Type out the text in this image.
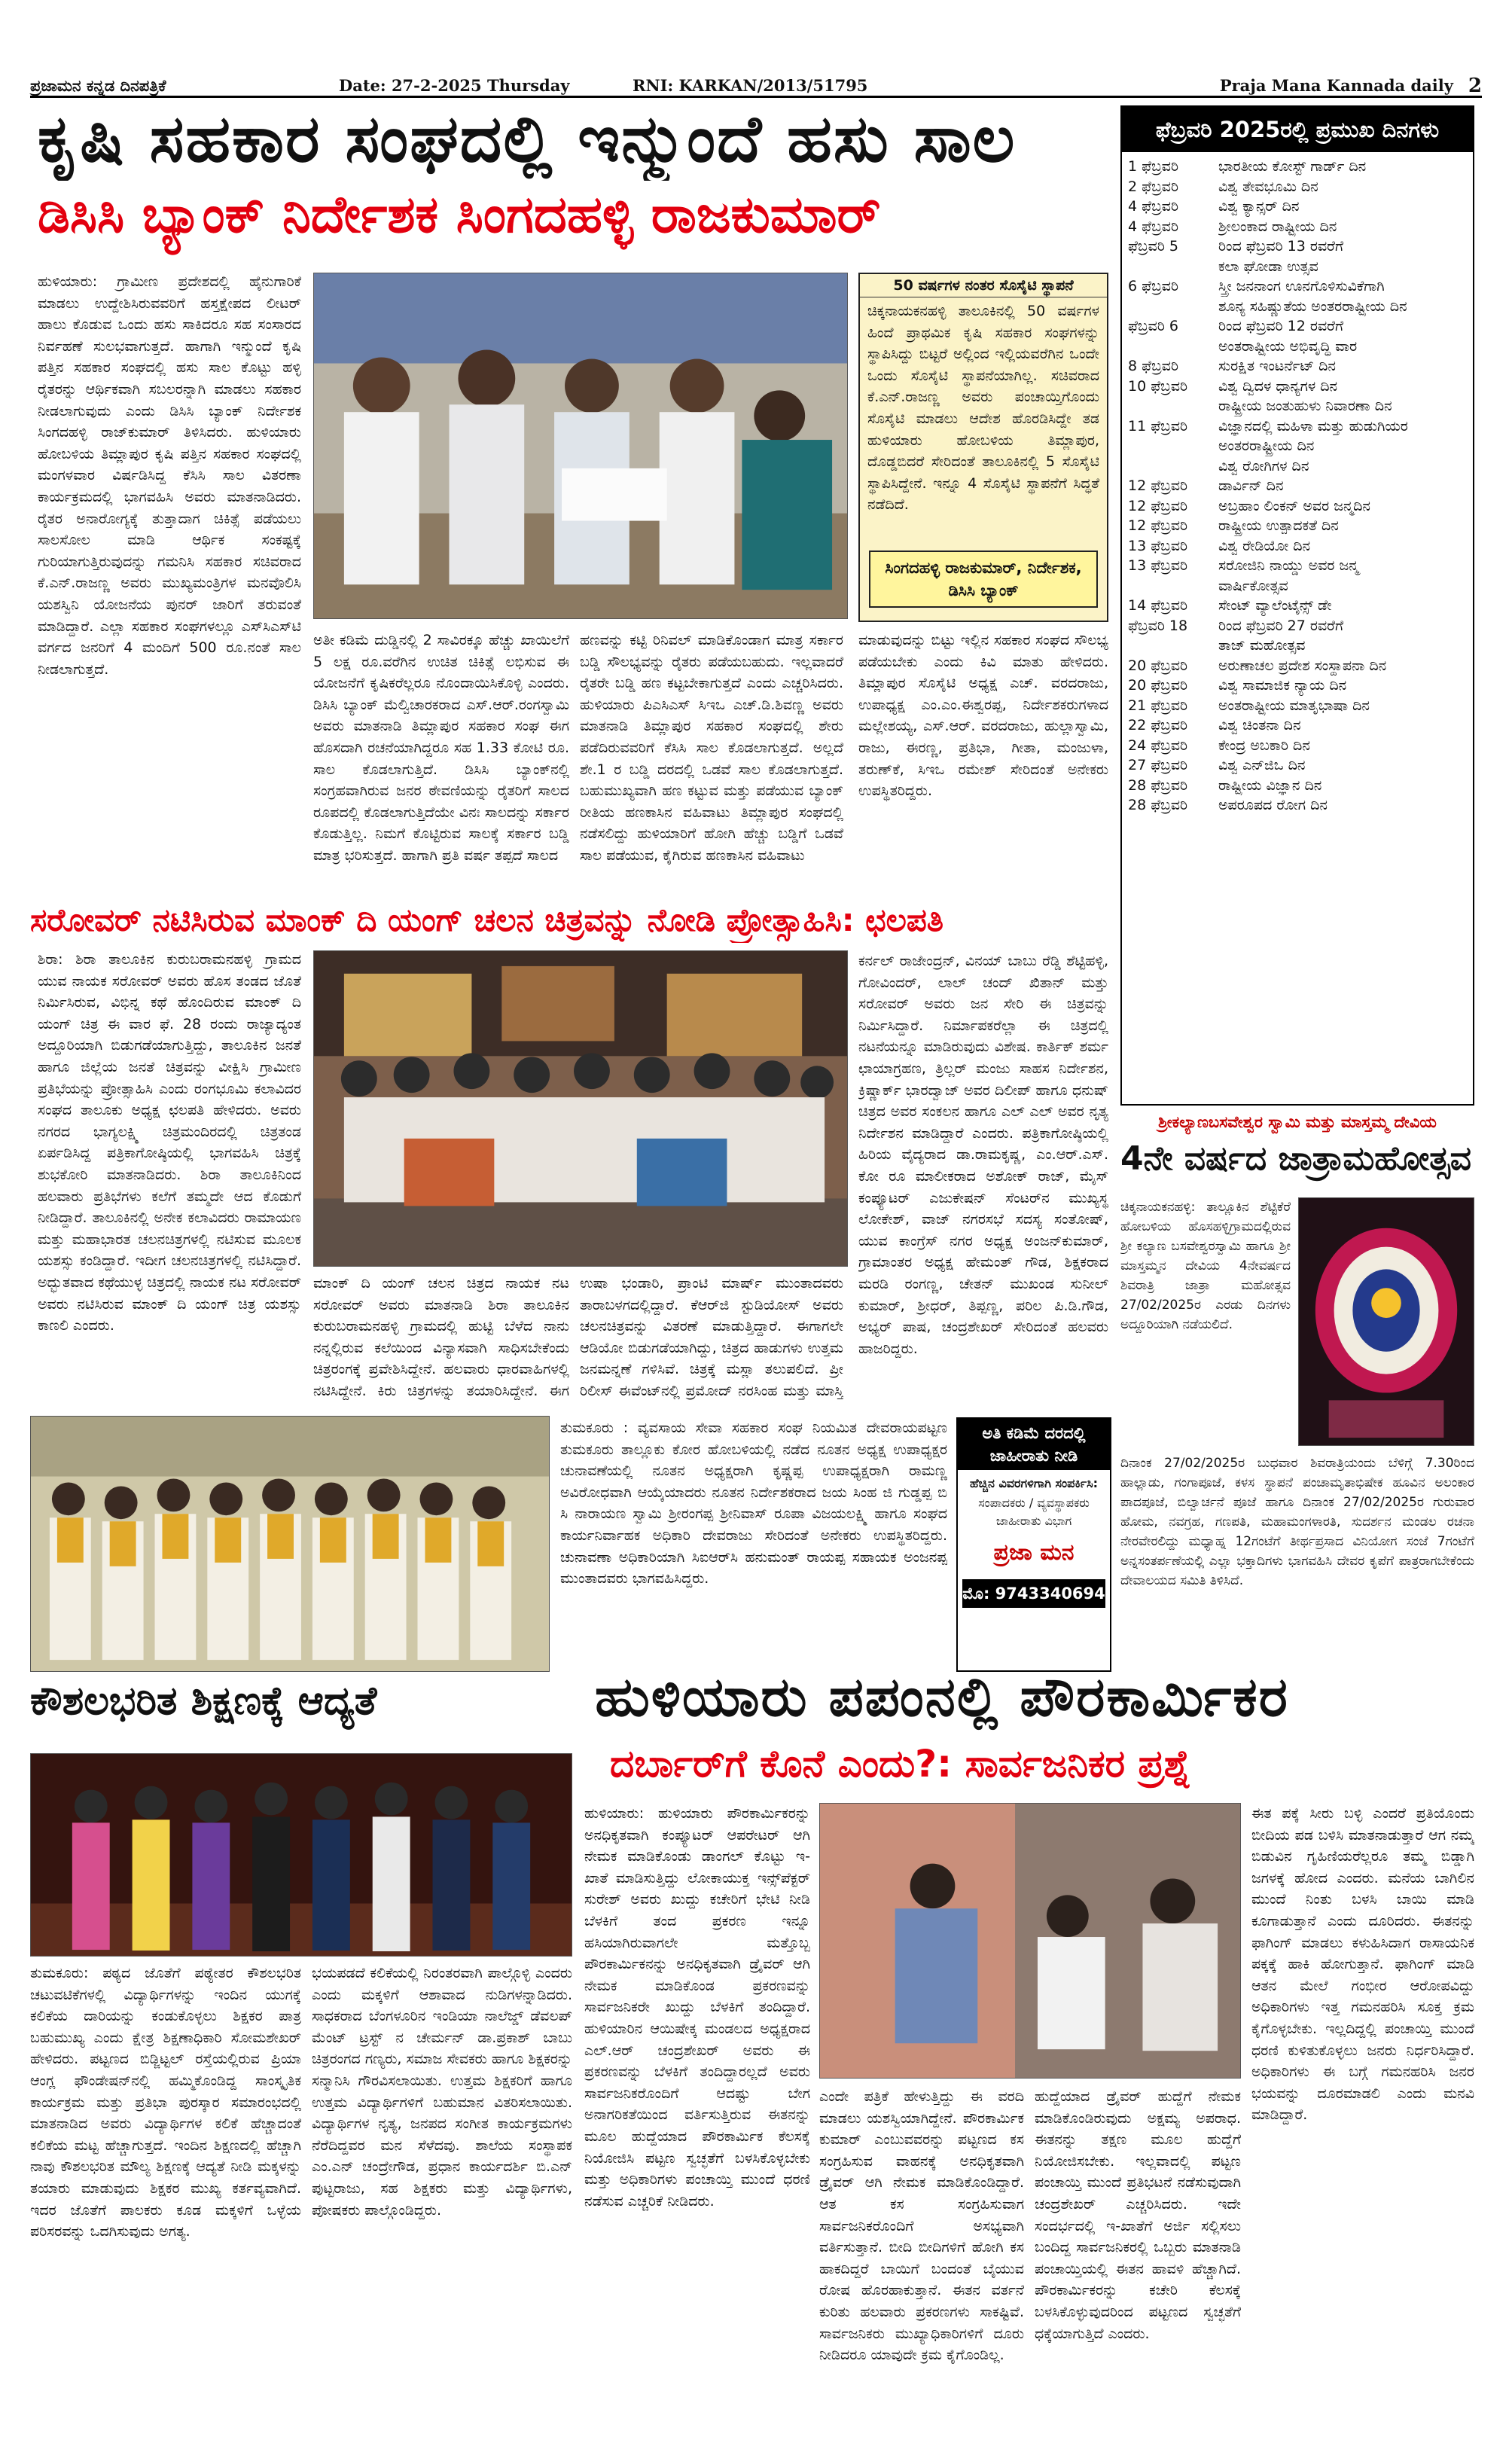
ಪ್ರಜಾಮನ ಕನ್ನಡ ದಿನಪತ್ರಿಕೆ	Date: 27-2-2025 Thursday	RNI: KARKAN/2013/51795	Praja Mana Kannada daily 2
ಕೃಷಿ ಸಹಕಾರ ಸಂಘದಲ್ಲಿ ಇನ್ಮುಂದೆ ಹಸು ಸಾಲ
ಡಿಸಿಸಿ ಬ್ಯಾಂಕ್ ನಿರ್ದೇಶಕ ಸಿಂಗದಹಳ್ಳಿ ರಾಜಕುಮಾರ್

ಹುಳಿಯಾರು: ಗ್ರಾಮೀಣ ಪ್ರದೇಶದಲ್ಲಿ ಹೈನುಗಾರಿಕೆ ಮಾಡಲು ಉದ್ದೇಶಿಸಿರುವವರಿಗೆ ಹಸ್ತಕ್ಷೇಪದ ಲೀಟರ್ ಹಾಲು ಕೊಡುವ ಒಂದು ಹಸು ಸಾಕಿದರೂ ಸಹ ಸಂಸಾರದ ನಿರ್ವಹಣೆ ಸುಲಭವಾಗುತ್ತದೆ. ಹಾಗಾಗಿ ಇನ್ಮುಂದೆ ಕೃಷಿ ಪತ್ತಿನ ಸಹಕಾರ ಸಂಘದಲ್ಲಿ ಹಸು ಸಾಲ ಕೊಟ್ಟು ಹಳ್ಳಿ ರೈತರನ್ನು ಆರ್ಥಿಕವಾಗಿ ಸಬಲರನ್ನಾಗಿ ಮಾಡಲು ಸಹಕಾರ ನೀಡಲಾಗುವುದು ಎಂದು ಡಿಸಿಸಿ ಬ್ಯಾಂಕ್ ನಿರ್ದೇಶಕ ಸಿಂಗದಹಳ್ಳಿ ರಾಜ್‌ಕುಮಾರ್ ತಿಳಿಸಿದರು. ಹುಳಿಯಾರು ಹೋಬಳಿಯ ತಿಮ್ಲಾಪುರ ಕೃಷಿ ಪತ್ತಿನ ಸಹಕಾರ ಸಂಘದಲ್ಲಿ ಮಂಗಳವಾರ ವಿರ್ಷಡಿಸಿದ್ದ ಕೆಸಿಸಿ ಸಾಲ ವಿತರಣಾ ಕಾರ್ಯಕ್ರಮದಲ್ಲಿ ಭಾಗವಹಿಸಿ ಅವರು ಮಾತನಾಡಿದರು. ರೈತರ ಅನಾರೋಗ್ಯಕ್ಕೆ ತುತ್ತಾದಾಗ ಚಿಕಿತ್ಸೆ ಪಡೆಯಲು ಸಾಲಸೋಲ ಮಾಡಿ ಆರ್ಥಿಕ ಸಂಕಷ್ಟಕ್ಕೆ ಗುರಿಯಾಗುತ್ತಿರುವುದನ್ನು ಗಮನಿಸಿ ಸಹಕಾರ ಸಚಿವರಾದ ಕೆ.ಎನ್.ರಾಜಣ್ಣ ಅವರು ಮುಖ್ಯಮಂತ್ರಿಗಳ ಮನವೊಲಿಸಿ ಯಶಸ್ವಿನಿ ಯೋಜನೆಯ ಪುನರ್ ಜಾರಿಗೆ ತರುವಂತೆ ಮಾಡಿದ್ದಾರೆ. ಎಲ್ಲಾ ಸಹಕಾರ ಸಂಘಗಳಲ್ಲೂ ಎಸ್‌ಸಿಎಸ್‌ಟಿ ವರ್ಗದ ಜನರಿಗೆ 4 ಮಂದಿಗೆ 500 ರೂ.ನಂತೆ ಸಾಲ ನೀಡಲಾಗುತ್ತದೆ.

50 ವರ್ಷಗಳ ನಂತರ ಸೊಸೈಟಿ ಸ್ಥಾಪನೆ
ಚಿಕ್ಕನಾಯಕನಹಳ್ಳಿ ತಾಲೂಕಿನಲ್ಲಿ 50 ವರ್ಷಗಳ ಹಿಂದೆ ಪ್ರಾಥಮಿಕ ಕೃಷಿ ಸಹಕಾರ ಸಂಘಗಳನ್ನು ಸ್ಥಾಪಿಸಿದ್ದು ಬಿಟ್ಟರೆ ಅಲ್ಲಿಂದ ಇಲ್ಲಿಯವರೆಗಿನ ಒಂದೇ ಒಂದು ಸೊಸೈಟಿ ಸ್ಥಾಪನೆಯಾಗಿಲ್ಲ. ಸಚಿವರಾದ ಕೆ.ಎನ್.ರಾಜಣ್ಣ ಅವರು ಪಂಚಾಯ್ತಿಗೊಂದು ಸೊಸೈಟಿ ಮಾಡಲು ಆದೇಶ ಹೊರಡಿಸಿದ್ದೇ ತಡ ಹುಳಿಯಾರು ಹೋಬಳಿಯ ತಿಮ್ಲಾಪುರ, ದೊಡ್ಡಬಿದರೆ ಸೇರಿದಂತೆ ತಾಲೂಕಿನಲ್ಲಿ 5 ಸೊಸೈಟಿ ಸ್ಥಾಪಿಸಿದ್ದೇನೆ. ಇನ್ನೂ 4 ಸೊಸೈಟಿ ಸ್ಥಾಪನೆಗೆ ಸಿದ್ಧತೆ ನಡೆದಿದೆ.
ಸಿಂಗದಹಳ್ಳಿ ರಾಜಕುಮಾರ್, ನಿರ್ದೇಶಕ, ಡಿಸಿಸಿ ಬ್ಯಾಂಕ್

ಅತೀ ಕಡಿಮೆ ದುಡ್ಡಿನಲ್ಲಿ 2 ಸಾವಿರಕ್ಕೂ ಹೆಚ್ಚು ಖಾಯಿಲೆಗೆ 5 ಲಕ್ಷ ರೂ.ವರೆಗಿನ ಉಚಿತ ಚಿಕಿತ್ಸೆ ಲಭಿಸುವ ಈ ಯೋಜನೆಗೆ ಕೃಷಿಕರೆಲ್ಲರೂ ನೊಂದಾಯಿಸಿಕೊಳ್ಳಿ ಎಂದರು. ಡಿಸಿಸಿ ಬ್ಯಾಂಕ್ ಮೆಲ್ವಿಚಾರಕರಾದ ಎಸ್.ಆರ್.ರಂಗಸ್ವಾಮಿ ಅವರು ಮಾತನಾಡಿ ತಿಮ್ಲಾಪುರ ಸಹಕಾರ ಸಂಘ ಈಗ ಹೊಸದಾಗಿ ರಚನೆಯಾಗಿದ್ದರೂ ಸಹ 1.33 ಕೋಟಿ ರೂ. ಸಾಲ ಕೊಡಲಾಗುತ್ತಿದೆ. ಡಿಸಿಸಿ ಬ್ಯಾಂಕ್‌ನಲ್ಲಿ ಸಂಗ್ರಹವಾಗಿರುವ ಜನರ ಠೇವಣಿಯನ್ನು ರೈತರಿಗೆ ಸಾಲದ ರೂಪದಲ್ಲಿ ಕೊಡಲಾಗುತ್ತಿದೆಯೇ ವಿನಃ ಸಾಲದನ್ನು ಸರ್ಕಾರ ಕೊಡುತ್ತಿಲ್ಲ. ನಿಮಗೆ ಕೊಟ್ಟಿರುವ ಸಾಲಕ್ಕೆ ಸರ್ಕಾರ ಬಡ್ಡಿ ಮಾತ್ರ ಭರಿಸುತ್ತದೆ. ಹಾಗಾಗಿ ಪ್ರತಿ ವರ್ಷ ತಪ್ಪದೆ ಸಾಲದ

ಹಣವನ್ನು ಕಟ್ಟಿ ರಿನಿವಲ್ ಮಾಡಿಕೊಂಡಾಗ ಮಾತ್ರ ಸರ್ಕಾರ ಬಡ್ಡಿ ಸೌಲಭ್ಯವನ್ನು ರೈತರು ಪಡೆಯಬಹುದು. ಇಲ್ಲವಾದರೆ ರೈತರೇ ಬಡ್ಡಿ ಹಣ ಕಟ್ಟಬೇಕಾಗುತ್ತದೆ ಎಂದು ಎಚ್ಚರಿಸಿದರು. ಹುಳಿಯಾರು ಪಿಎಸಿಎಸ್ ಸಿಇಒ ಎಚ್.ಡಿ.ಶಿವಣ್ಣ ಅವರು ಮಾತನಾಡಿ ತಿಮ್ಲಾಪುರ ಸಹಕಾರ ಸಂಘದಲ್ಲಿ ಶೇರು ಪಡೆದಿರುವವರಿಗೆ ಕೆಸಿಸಿ ಸಾಲ ಕೊಡಲಾಗುತ್ತದೆ. ಅಲ್ಲದೆ ಶೇ.1 ರ ಬಡ್ಡಿ ದರದಲ್ಲಿ ಒಡವೆ ಸಾಲ ಕೊಡಲಾಗುತ್ತದೆ. ಬಹುಮುಖ್ಯವಾಗಿ ಹಣ ಕಟ್ಟುವ ಮತ್ತು ಪಡೆಯುವ ಬ್ಯಾಂಕ್ ರೀತಿಯ ಹಣಕಾಸಿನ ವಹಿವಾಟು ತಿಮ್ಲಾಪುರ ಸಂಘದಲ್ಲಿ ನಡೆಸಲಿದ್ದು ಹುಳಿಯಾರಿಗೆ ಹೋಗಿ ಹೆಚ್ಚು ಬಡ್ಡಿಗೆ ಒಡವೆ ಸಾಲ ಪಡೆಯುವ, ಕೈಗಿರುವ ಹಣಕಾಸಿನ ವಹಿವಾಟು

ಮಾಡುವುದನ್ನು ಬಿಟ್ಟು ಇಲ್ಲಿನ ಸಹಕಾರ ಸಂಘದ ಸೌಲಭ್ಯ ಪಡೆಯಬೇಕು ಎಂದು ಕಿವಿ ಮಾತು ಹೇಳಿದರು. ತಿಮ್ಲಾಪುರ ಸೊಸೈಟಿ ಅಧ್ಯಕ್ಷ ಎಚ್. ವರದರಾಜು, ಉಪಾಧ್ಯಕ್ಷ ಎಂ.ಎಂ.ಈಶ್ವರಪ್ಪ, ನಿರ್ದೇಶಕರುಗಳಾದ ಮಲ್ಲೇಶಯ್ಯ, ಎಸ್.ಆರ್. ವರದರಾಜು, ಹುಲ್ಲಾಸ್ವಾಮಿ, ರಾಜು, ಈರಣ್ಣ, ಪ್ರತಿಭಾ, ಗೀತಾ, ಮಂಜುಳಾ, ತರುಣ್‌ಕೆ, ಸಿಇಒ ರಮೇಶ್ ಸೇರಿದಂತೆ ಅನೇಕರು ಉಪಸ್ಥಿತರಿದ್ದರು.

ಫೆಬ್ರವರಿ 2025ರಲ್ಲಿ ಪ್ರಮುಖ ದಿನಗಳು
1 ಫೆಬ್ರವರಿ	ಭಾರತೀಯ ಕೋಸ್ಟ್ ಗಾರ್ಡ್ ದಿನ
2 ಫೆಬ್ರವರಿ	ವಿಶ್ವ ತೇವಭೂಮಿ ದಿನ
4 ಫೆಬ್ರವರಿ	ವಿಶ್ವ ಕ್ಯಾನ್ಸರ್ ದಿನ
4 ಫೆಬ್ರವರಿ	ಶ್ರೀಲಂಕಾದ ರಾಷ್ಟ್ರೀಯ ದಿನ
ಫೆಬ್ರವರಿ 5	ರಿಂದ ಫೆಬ್ರವರಿ 13 ರವರೆಗೆ
ಕಲಾ ಘೋಡಾ ಉತ್ಸವ
6 ಫೆಬ್ರವರಿ	ಸ್ತ್ರೀ ಜನನಾಂಗ ಊನಗೊಳಿಸುವಿಕೆಗಾಗಿ
ಶೂನ್ಯ ಸಹಿಷ್ಣುತೆಯ ಅಂತರರಾಷ್ಟ್ರೀಯ ದಿನ
ಫೆಬ್ರವರಿ 6	ರಿಂದ ಫೆಬ್ರವರಿ 12 ರವರೆಗೆ
ಅಂತರಾಷ್ಟ್ರೀಯ ಅಭಿವೃದ್ಧಿ ವಾರ
8 ಫೆಬ್ರವರಿ	ಸುರಕ್ಷಿತ ಇಂಟರ್ನೆಟ್ ದಿನ
10 ಫೆಬ್ರವರಿ	ವಿಶ್ವ ದ್ವಿದಳ ಧಾನ್ಯಗಳ ದಿನ
ರಾಷ್ಟ್ರೀಯ ಜಂತುಹುಳು ನಿವಾರಣಾ ದಿನ
11 ಫೆಬ್ರವರಿ	ವಿಜ್ಞಾನದಲ್ಲಿ ಮಹಿಳಾ ಮತ್ತು ಹುಡುಗಿಯರ
ಅಂತರರಾಷ್ಟ್ರೀಯ ದಿನ
ವಿಶ್ವ ರೋಗಿಗಳ ದಿನ
12 ಫೆಬ್ರವರಿ	ಡಾರ್ವಿನ್ ದಿನ
12 ಫೆಬ್ರವರಿ	ಅಬ್ರಹಾಂ ಲಿಂಕನ್ ಅವರ ಜನ್ಮದಿನ
12 ಫೆಬ್ರವರಿ	ರಾಷ್ಟ್ರೀಯ ಉತ್ಪಾದಕತೆ ದಿನ
13 ಫೆಬ್ರವರಿ	ವಿಶ್ವ ರೇಡಿಯೋ ದಿನ
13 ಫೆಬ್ರವರಿ	ಸರೋಜಿನಿ ನಾಯ್ಡು ಅವರ ಜನ್ಮ
ವಾರ್ಷಿಕೋತ್ಸವ
14 ಫೆಬ್ರವರಿ	ಸೇಂಟ್ ವ್ಯಾಲೆಂಟೈನ್ಸ್ ಡೇ
ಫೆಬ್ರವರಿ 18	ರಿಂದ ಫೆಬ್ರವರಿ 27 ರವರೆಗೆ
ತಾಜ್ ಮಹೋತ್ಸವ
20 ಫೆಬ್ರವರಿ	ಅರುಣಾಚಲ ಪ್ರದೇಶ ಸಂಸ್ಥಾಪನಾ ದಿನ
20 ಫೆಬ್ರವರಿ	ವಿಶ್ವ ಸಾಮಾಜಿಕ ನ್ಯಾಯ ದಿನ
21 ಫೆಬ್ರವರಿ	ಅಂತರಾಷ್ಟ್ರೀಯ ಮಾತೃಭಾಷಾ ದಿನ
22 ಫೆಬ್ರವರಿ	ವಿಶ್ವ ಚಿಂತನಾ ದಿನ
24 ಫೆಬ್ರವರಿ	ಕೇಂದ್ರ ಅಬಕಾರಿ ದಿನ
27 ಫೆಬ್ರವರಿ	ವಿಶ್ವ ಎನ್‌ಜಿಒ ದಿನ
28 ಫೆಬ್ರವರಿ	ರಾಷ್ಟ್ರೀಯ ವಿಜ್ಞಾನ ದಿನ
28 ಫೆಬ್ರವರಿ	ಅಪರೂಪದ ರೋಗ ದಿನ
ಸರೋವರ್ ನಟಿಸಿರುವ ಮಾಂಕ್ ದಿ ಯಂಗ್ ಚಲನ ಚಿತ್ರವನ್ನು ನೋಡಿ ಪ್ರೋತ್ಸಾಹಿಸಿ: ಛಲಪತಿ

ಶಿರಾ: ಶಿರಾ ತಾಲೂಕಿನ ಕುರುಬರಾಮನಹಳ್ಳಿ ಗ್ರಾಮದ ಯುವ ನಾಯಕ ಸರೋವರ್ ಅವರು ಹೊಸ ತಂಡದ ಜೊತೆ ನಿರ್ಮಿಸಿರುವ, ವಿಭಿನ್ನ ಕಥೆ ಹೊಂದಿರುವ ಮಾಂಕ್ ದಿ ಯಂಗ್ ಚಿತ್ರ ಈ ವಾರ ಫೆ. 28 ರಂದು ರಾಜ್ಯಾದ್ಯಂತ ಅದ್ದೂರಿಯಾಗಿ ಬಿಡುಗಡೆಯಾಗುತ್ತಿದ್ದು, ತಾಲೂಕಿನ ಜನತೆ ಹಾಗೂ ಜಿಲ್ಲೆಯ ಜನತೆ ಚಿತ್ರವನ್ನು ವೀಕ್ಷಿಸಿ ಗ್ರಾಮೀಣ ಪ್ರತಿಭೆಯನ್ನು ಪ್ರೋತ್ಸಾಹಿಸಿ ಎಂದು ರಂಗಭೂಮಿ ಕಲಾವಿದರ ಸಂಘದ ತಾಲೂಕು ಅಧ್ಯಕ್ಷ ಛಲಪತಿ ಹೇಳಿದರು. ಅವರು ನಗರದ ಭಾಗ್ಯಲಕ್ಷ್ಮಿ ಚಿತ್ರಮಂದಿರದಲ್ಲಿ ಚಿತ್ರತಂಡ ಏರ್ಪಡಿಸಿದ್ದ ಪತ್ರಿಕಾಗೋಷ್ಠಿಯಲ್ಲಿ ಭಾಗವಹಿಸಿ ಚಿತ್ರಕ್ಕೆ ಶುಭಕೋರಿ ಮಾತನಾಡಿದರು. ಶಿರಾ ತಾಲೂಕಿನಿಂದ ಹಲವಾರು ಪ್ರತಿಭೆಗಳು ಕಲೆಗೆ ತಮ್ಮದೇ ಆದ ಕೊಡುಗೆ ನೀಡಿದ್ದಾರೆ. ತಾಲೂಕಿನಲ್ಲಿ ಅನೇಕ ಕಲಾವಿದರು ರಾಮಾಯಣ ಮತ್ತು ಮಹಾಭಾರತ ಚಲನಚಿತ್ರಗಳಲ್ಲಿ ನಟಿಸುವ ಮೂಲಕ ಯಶಸ್ಸು ಕಂಡಿದ್ದಾರೆ. ಇದೀಗ ಚಲನಚಿತ್ರಗಳಲ್ಲಿ ನಟಿಸಿದ್ದಾರೆ. ಅದ್ಭುತವಾದ ಕಥೆಯುಳ್ಳ ಚಿತ್ರದಲ್ಲಿ ನಾಯಕ ನಟ ಸರೋವರ್ ಅವರು ನಟಿಸಿರುವ ಮಾಂಕ್ ದಿ ಯಂಗ್ ಚಿತ್ರ ಯಶಸ್ಸು ಕಾಣಲಿ ಎಂದರು.

ಮಾಂಕ್ ದಿ ಯಂಗ್ ಚಲನ ಚಿತ್ರದ ನಾಯಕ ನಟ ಸರೋವರ್ ಅವರು ಮಾತನಾಡಿ ಶಿರಾ ತಾಲೂಕಿನ ಕುರುಬರಾಮನಹಳ್ಳಿ ಗ್ರಾಮದಲ್ಲಿ ಹುಟ್ಟಿ ಬೆಳೆದ ನಾನು ನನ್ನಲ್ಲಿರುವ ಕಲೆಯಿಂದ ವಿನ್ಯಾಸವಾಗಿ ಸಾಧಿಸಬೇಕೆಂದು ಚಿತ್ರರಂಗಕ್ಕೆ ಪ್ರವೇಶಿಸಿದ್ದೇನೆ. ಹಲವಾರು ಧಾರವಾಹಿಗಳಲ್ಲಿ ನಟಿಸಿದ್ದೇನೆ. ಕಿರು ಚಿತ್ರಗಳನ್ನು ತಯಾರಿಸಿದ್ದೇನೆ. ಈಗ

ಉಷಾ ಭಂಡಾರಿ, ಪ್ರಾಂಟಿ ಮಾರ್ಷ್ ಮುಂತಾದವರು ತಾರಾಬಳಗದಲ್ಲಿದ್ದಾರೆ. ಕೆಆರ್‌ಜಿ ಸ್ಟುಡಿಯೋಸ್ ಅವರು ಚಲನಚಿತ್ರವನ್ನು ವಿತರಣೆ ಮಾಡುತ್ತಿದ್ದಾರೆ. ಈಗಾಗಲೇ ಆಡಿಯೋ ಬಿಡುಗಡೆಯಾಗಿದ್ದು, ಚಿತ್ರದ ಹಾಡುಗಳು ಉತ್ತಮ ಜನಮನ್ನಣೆ ಗಳಿಸಿವೆ. ಚಿತ್ರಕ್ಕೆ ಮಸ್ಲಾ ತಲುಪಲಿದೆ. ಪ್ರೀ ರಿಲೀಸ್ ಈವೆಂಟ್‌ನಲ್ಲಿ ಪ್ರಮೋದ್ ನರಸಿಂಹ ಮತ್ತು ಮಾಸ್ತಿ

ಕರ್ನಲ್ ರಾಜೇಂದ್ರನ್, ವಿನಯ್ ಬಾಬು ರೆಡ್ಡಿ ಶೆಟ್ಟಿಹಳ್ಳಿ, ಗೋವಿಂದರ್, ಲಾಲ್ ಚಂದ್ ಖಿತಾನ್ ಮತ್ತು ಸರೋವರ್ ಅವರು ಜನ ಸೇರಿ ಈ ಚಿತ್ರವನ್ನು ನಿರ್ಮಿಸಿದ್ದಾರೆ. ನಿರ್ಮಾಪಕರೆಲ್ಲಾ ಈ ಚಿತ್ರದಲ್ಲಿ ನಟನೆಯನ್ನೂ ಮಾಡಿರುವುದು ವಿಶೇಷ. ಕಾರ್ತಿಕ್ ಶರ್ಮ ಛಾಯಾಗ್ರಹಣ, ತ್ರಿಲ್ಲರ್ ಮಂಜು ಸಾಹಸ ನಿರ್ದೇಶನ, ಕ್ರಿಷ್ಣಾರ್ಕ್ ಭಾರದ್ವಾಜ್ ಅವರ ದಿಲೀಪ್ ಹಾಗೂ ಧನುಷ್ ಚಿತ್ರದ ಅವರ ಸಂಕಲನ ಹಾಗೂ ಎಲ್ ಎಲ್ ಅವರ ನೃತ್ಯ ನಿರ್ದೇಶನ ಮಾಡಿದ್ದಾರೆ ಎಂದರು. ಪತ್ರಿಕಾಗೋಷ್ಠಿಯಲ್ಲಿ ಹಿರಿಯ ವೈದ್ಯರಾದ ಡಾ.ರಾಮಕೃಷ್ಣ, ಎಂ.ಆರ್.ಎಸ್. ಕೋ ರೂ ಮಾಲೀಕರಾದ ಅಶೋಕ್ ರಾಜ್, ಮೈಸ್ ಕಂಪ್ಯೂಟರ್ ಎಜುಕೇಷನ್ ಸೆಂಟರ್‌ನ ಮುಖ್ಯಸ್ಥ ಲೋಕೇಶ್, ವಾಜ್ ನಗರಸಭೆ ಸದಸ್ಯ ಸಂತೋಷ್, ಯುವ ಕಾಂಗ್ರೆಸ್ ನಗರ ಅಧ್ಯಕ್ಷ ಅಂಜನ್‌ಕುಮಾರ್, ಗ್ರಾಮಾಂತರ ಅಧ್ಯಕ್ಷ ಹೇಮಂತ್ ಗೌಡ, ಶಿಕ್ಷಕರಾದ ಮರಡಿ ರಂಗಣ್ಣ, ಚೇತನ್ ಮುಖಂಡ ಸುನೀಲ್ ಕುಮಾರ್, ಶ್ರೀಧರ್, ತಿಪ್ಪಣ್ಣ, ಪರಿಲ ಪಿ.ಡಿ.ಗೌಡ, ಅಭ್ಯರ್ ಪಾಷ, ಚಂದ್ರಶೇಖರ್ ಸೇರಿದಂತೆ ಹಲವರು ಹಾಜರಿದ್ದರು.

ಶ್ರೀಕಲ್ಯಾಣಬಸವೇಶ್ವರ ಸ್ವಾಮಿ ಮತ್ತು ಮಾಸ್ತಮ್ಮ ದೇವಿಯ
4ನೇ ವರ್ಷದ ಜಾತ್ರಾಮಹೋತ್ಸವ

ಚಿಕ್ಕನಾಯಕನಹಳ್ಳಿ: ತಾಲ್ಲೂಕಿನ ಶೆಟ್ಟಿಕೆರೆ ಹೋಬಳಿಯ ಹೊಸಹಳ್ಳಿಗ್ರಾಮದಲ್ಲಿರುವ ಶ್ರೀ ಕಲ್ಯಾಣ ಬಸವೇಶ್ವರಸ್ವಾಮಿ ಹಾಗೂ ಶ್ರೀ ಮಾಸ್ತಮ್ಮನ ದೇವಿಯ 4ನೇವರ್ಷದ ಶಿವರಾತ್ರಿ ಜಾತ್ರಾ ಮಹೋತ್ಸವ 27/02/2025ರ ಎರಡು ದಿನಗಳು ಅದ್ದೂರಿಯಾಗಿ ನಡೆಯಲಿದೆ.

ದಿನಾಂಕ 27/02/2025ರ ಬುಧವಾರ ಶಿವರಾತ್ರಿಯಂದು ಬೆಳಿಗ್ಗೆ 7.30ರಿಂದ ಹಾಲ್ಲಾಡು, ಗಂಗಾಪೂಜೆ, ಕಳಸ ಸ್ಥಾಪನೆ ಪಂಚಾಮೃತಾಭಿಷೇಕ ಹೂವಿನ ಅಲಂಕಾರ ಪಾದಪೂಜೆ, ಬಿಲ್ವಾರ್ಚನೆ ಪೂಜೆ ಹಾಗೂ ದಿನಾಂಕ 27/02/2025ರ ಗುರುವಾರ ಹೋಮ, ನವಗ್ರಹ, ಗಣಪತಿ, ಮಹಾಮಂಗಳಾರತಿ, ಸುದರ್ಶನ ಮಂಡಲ ರಚನಾ ನೇರವೇರಲಿದ್ದು ಮಧ್ಯಾಹ್ನ 12ಗಂಟೆಗೆ ತೀರ್ಥಪ್ರಸಾದ ವಿನಿಯೋಗ ಸಂಜೆ 7ಗಂಟೆಗೆ ಅನ್ನಸಂತರ್ಪಣೆಯಲ್ಲಿ ಎಲ್ಲಾ ಭಕ್ತಾದಿಗಳು ಭಾಗವಹಿಸಿ ದೇವರ ಕೃಪೆಗೆ ಪಾತ್ರರಾಗಬೇಕೆಂದು ದೇವಾಲಯದ ಸಮಿತಿ ತಿಳಿಸಿದೆ.

ತುಮಕೂರು : ವ್ಯವಸಾಯ ಸೇವಾ ಸಹಕಾರ ಸಂಘ ನಿಯಮಿತ ದೇವರಾಯಪಟ್ಟಣ ತುಮಕೂರು ತಾಲ್ಲೂಕು ಕೋರ ಹೋಬಳಿಯಲ್ಲಿ ನಡೆದ ನೂತನ ಅಧ್ಯಕ್ಷ ಉಪಾಧ್ಯಕ್ಷರ ಚುನಾವಣೆಯಲ್ಲಿ ನೂತನ ಅಧ್ಯಕ್ಷರಾಗಿ ಕೃಷ್ಣಪ್ಪ ಉಪಾಧ್ಯಕ್ಷರಾಗಿ ರಾಮಣ್ಣ ಅವಿರೋಧವಾಗಿ ಆಯ್ಕೆಯಾದರು ನೂತನ ನಿರ್ದೇಶಕರಾದ ಜಯ ಸಿಂಹ ಜಿ ಗುಡ್ಡಪ್ಪ ಬಿ ಸಿ ನಾರಾಯಣ ಸ್ವಾಮಿ ಶ್ರೀರಂಗಪ್ಪ ಶ್ರೀನಿವಾಸ್ ರೂಪಾ ವಿಜಯಲಕ್ಷ್ಮಿ ಹಾಗೂ ಸಂಘದ ಕಾರ್ಯನಿರ್ವಾಹಕ ಅಧಿಕಾರಿ ದೇವರಾಜು ಸೇರಿದಂತೆ ಅನೇಕರು ಉಪಸ್ಥಿತರಿದ್ದರು. ಚುನಾವಣಾ ಅಧಿಕಾರಿಯಾಗಿ ಸಿಐಆರ್‌ಸಿ ಹನುಮಂತ್ ರಾಯಪ್ಪ ಸಹಾಯಕ ಅಂಜನಪ್ಪ ಮುಂತಾದವರು ಭಾಗವಹಿಸಿದ್ದರು.

ಅತಿ ಕಡಿಮೆ ದರದಲ್ಲಿ ಜಾಹೀರಾತು ನೀಡಿ
ಹೆಚ್ಚಿನ ವಿವರಗಳಿಗಾಗಿ ಸಂಪರ್ಕಿಸಿ:
ಸಂಪಾದಕರು / ವ್ಯವಸ್ಥಾಪಕರು
ಜಾಹೀರಾತು ವಿಭಾಗ
ಪ್ರಜಾ ಮನ
ಮೊ: 9743340694
ಕೌಶಲಭರಿತ ಶಿಕ್ಷಣಕ್ಕೆ ಆದ್ಯತೆ

ತುಮಕೂರು: ಪಠ್ಯದ ಜೊತೆಗೆ ಪಠ್ಯೇತರ ಕೌಶಲಭರಿತ ಚಟುವಟಿಕೆಗಳಲ್ಲಿ ವಿದ್ಯಾರ್ಥಿಗಳನ್ನು ಇಂದಿನ ಯುಗಕ್ಕೆ ಕಲಿಕೆಯ ದಾರಿಯನ್ನು ಕಂಡುಕೊಳ್ಳಲು ಶಿಕ್ಷಕರ ಪಾತ್ರ ಬಹುಮುಖ್ಯ ಎಂದು ಕ್ಷೇತ್ರ ಶಿಕ್ಷಣಾಧಿಕಾರಿ ಸೋಮಶೇಖರ್ ಹೇಳಿದರು. ಪಟ್ಟಣದ ಬಿಡ್ಜಿಟ್ಟಲ್ ರಸ್ತೆಯಲ್ಲಿರುವ ಪ್ರಿಯಾ ಆಂಗ್ಲ ಫೌಂಡೇಷನ್‌ನಲ್ಲಿ ಹಮ್ಮಿಕೊಂಡಿದ್ದ ಸಾಂಸ್ಕೃತಿಕ ಕಾರ್ಯಕ್ರಮ ಮತ್ತು ಪ್ರತಿಭಾ ಪುರಸ್ಕಾರ ಸಮಾರಂಭದಲ್ಲಿ ಮಾತನಾಡಿದ ಅವರು ವಿದ್ಯಾರ್ಥಿಗಳ ಕಲಿಕೆ ಹೆಚ್ಚಾದಂತೆ ಕಲಿಕೆಯ ಮಟ್ಟ ಹೆಚ್ಚಾಗುತ್ತದೆ. ಇಂದಿನ ಶಿಕ್ಷಣದಲ್ಲಿ ಹೆಚ್ಚಾಗಿ ನಾವು ಕೌಶಲಭರಿತ ಮೌಲ್ಯ ಶಿಕ್ಷಣಕ್ಕೆ ಆದ್ಯತೆ ನೀಡಿ ಮಕ್ಕಳನ್ನು ತಯಾರು ಮಾಡುವುದು ಶಿಕ್ಷಕರ ಮುಖ್ಯ ಕರ್ತವ್ಯವಾಗಿದೆ. ಇದರ ಜೊತೆಗೆ ಪಾಲಕರು ಕೂಡ ಮಕ್ಕಳಿಗೆ ಒಳ್ಳೆಯ ಪರಿಸರವನ್ನು ಒದಗಿಸುವುದು ಅಗತ್ಯ.

ಭಯಪಡದೆ ಕಲಿಕೆಯಲ್ಲಿ ನಿರಂತರವಾಗಿ ಪಾಲ್ಗೊಳ್ಳಿ ಎಂದರು ಎಂದು ಮಕ್ಕಳಿಗೆ ಆಶಾವಾದ ನುಡಿಗಳನ್ನಾಡಿದರು. ಸಾಧಕರಾದ ಬೆಂಗಳೂರಿನ ಇಂಡಿಯಾ ನಾಲೆಜ್ಡ್ ಡೆವಲಪ್ ಮೆಂಟ್ ಟ್ರಸ್ಟ್ ನ ಚೇರ್ಮನ್ ಡಾ.ಪ್ರಕಾಶ್ ಬಾಬು ಚಿತ್ರರಂಗದ ಗಣ್ಯರು, ಸಮಾಜ ಸೇವಕರು ಹಾಗೂ ಶಿಕ್ಷಕರನ್ನು ಸನ್ಮಾನಿಸಿ ಗೌರವಿಸಲಾಯಿತು. ಉತ್ತಮ ಶಿಕ್ಷಕರಿಗೆ ಹಾಗೂ ಉತ್ತಮ ವಿದ್ಯಾರ್ಥಿಗಳಿಗೆ ಬಹುಮಾನ ವಿತರಿಸಲಾಯಿತು. ವಿದ್ಯಾರ್ಥಿಗಳ ನೃತ್ಯ, ಜನಪದ ಸಂಗೀತ ಕಾರ್ಯಕ್ರಮಗಳು ನೆರೆದಿದ್ದವರ ಮನ ಸೆಳೆದವು. ಶಾಲೆಯ ಸಂಸ್ಥಾಪಕ ಎಂ.ಎನ್ ಚಂದ್ರೇಗೌಡ, ಪ್ರಧಾನ ಕಾರ್ಯದರ್ಶಿ ಬಿ.ಎನ್ ಪುಟ್ಟರಾಜು, ಸಹ ಶಿಕ್ಷಕರು ಮತ್ತು ವಿದ್ಯಾರ್ಥಿಗಳು, ಪೋಷಕರು ಪಾಲ್ಗೊಂಡಿದ್ದರು.

ಹುಳಿಯಾರು ಪಪಂನಲ್ಲಿ ಪೌರಕಾರ್ಮಿಕರ
ದರ್ಬಾರ್‌ಗೆ ಕೊನೆ ಎಂದು?: ಸಾರ್ವಜನಿಕರ ಪ್ರಶ್ನೆ

ಹುಳಿಯಾರು: ಹುಳಿಯಾರು ಪೌರಕಾರ್ಮಿಕರನ್ನು ಅನಧಿಕೃತವಾಗಿ ಕಂಪ್ಯೂಟರ್ ಆಪರೇಟರ್ ಆಗಿ ನೇಮಕ ಮಾಡಿಕೊಂಡು ಡಾಂಗಲ್ ಕೊಟ್ಟು ಇ-ಖಾತೆ ಮಾಡಿಸುತ್ತಿದ್ದು ಲೋಕಾಯುಕ್ತ ಇನ್ಸ್‌ಪೆಕ್ಟರ್ ಸುರೇಶ್ ಅವರು ಖುದ್ದು ಕಚೇರಿಗೆ ಭೇಟಿ ನೀಡಿ ಬೆಳಕಿಗೆ ತಂದ ಪ್ರಕರಣ ಇನ್ನೂ ಹಸಿಯಾಗಿರುವಾಗಲೇ ಮತ್ತೊಬ್ಬ ಪೌರಕಾರ್ಮಿಕನನ್ನು ಅನಧಿಕೃತವಾಗಿ ಡ್ರೈವರ್ ಆಗಿ ನೇಮಕ ಮಾಡಿಕೊಂಡ ಪ್ರಕರಣವನ್ನು ಸಾರ್ವಜನಿಕರೇ ಖುದ್ದು ಬೆಳಕಿಗೆ ತಂದಿದ್ದಾರೆ. ಹುಳಿಯಾರಿನ ಆಯಿಷೇಕ್ಕ ಮಂಡಲದ ಅಧ್ಯಕ್ಷರಾದ ಎಲ್.ಆರ್ ಚಂದ್ರಶೇಖರ್ ಅವರು ಈ ಪ್ರಕರಣವನ್ನು ಬೆಳಕಿಗೆ ತಂದಿದ್ದಾರಲ್ಲದೆ ಅವರು ಸಾರ್ವಜನಿಕರೊಂದಿಗೆ ಆದಷ್ಟು ಬೇಗ ಅನಾಗರಿಕತೆಯಿಂದ ವರ್ತಿಸುತ್ತಿರುವ ಈತನನ್ನು ಮೂಲ ಹುದ್ದೆಯಾದ ಪೌರಕಾರ್ಮಿಕ ಕೆಲಸಕ್ಕೆ ನಿಯೋಜಿಸಿ ಪಟ್ಟಣ ಸ್ವಚ್ಛತೆಗೆ ಬಳಸಿಕೊಳ್ಳಬೇಕು ಮತ್ತು ಅಧಿಕಾರಿಗಳು ಪಂಚಾಯ್ತಿ ಮುಂದೆ ಧರಣಿ ನಡೆಸುವ ಎಚ್ಚರಿಕೆ ನೀಡಿದರು.

ಎಂದೇ ಪತ್ರಿಕೆ ಹೇಳುತ್ತಿದ್ದು ಈ ವರದಿ ಮಾಡಲು ಯಶಸ್ವಿಯಾಗಿದ್ದೇನೆ. ಪೌರಕಾರ್ಮಿಕ ಕುಮಾರ್ ಎಂಬುವವರನ್ನು ಪಟ್ಟಣದ ಕಸ ಸಂಗ್ರಹಿಸುವ ವಾಹನಕ್ಕೆ ಅನಧಿಕೃತವಾಗಿ ಡ್ರೈವರ್ ಆಗಿ ನೇಮಕ ಮಾಡಿಕೊಂಡಿದ್ದಾರೆ. ಆತ ಕಸ ಸಂಗ್ರಹಿಸುವಾಗ ಸಾರ್ವಜನಿಕರೊಂದಿಗೆ ಅಸಭ್ಯವಾಗಿ ವರ್ತಿಸುತ್ತಾನೆ. ಬೀದಿ ಬೀದಿಗಳಿಗೆ ಹೋಗಿ ಕಸ ಹಾಕದಿದ್ದರೆ ಬಾಯಿಗೆ ಬಂದಂತೆ ಬೈಯುವ ರೋಷ ಹೊರಹಾಕುತ್ತಾನೆ. ಈತನ ವರ್ತನೆ ಕುರಿತು ಹಲವಾರು ಪ್ರಕರಣಗಳು ಸಾಕಷ್ಟಿವೆ. ಸಾರ್ವಜನಿಕರು ಮುಖ್ಯಾಧಿಕಾರಿಗಳಿಗೆ ದೂರು ನೀಡಿದರೂ ಯಾವುದೇ ಕ್ರಮ ಕೈಗೊಂಡಿಲ್ಲ.

ಹುದ್ದೆಯಾದ ಡ್ರೈವರ್ ಹುದ್ದೆಗೆ ನೇಮಕ ಮಾಡಿಕೊಂಡಿರುವುದು ಅಕ್ಷಮ್ಯ ಅಪರಾಧ. ಈತನನ್ನು ತಕ್ಷಣ ಮೂಲ ಹುದ್ದೆಗೆ ನಿಯೋಜಿಸಬೇಕು. ಇಲ್ಲವಾದಲ್ಲಿ ಪಟ್ಟಣ ಪಂಚಾಯ್ತಿ ಮುಂದೆ ಪ್ರತಿಭಟನೆ ನಡೆಸುವುದಾಗಿ ಚಂದ್ರಶೇಖರ್ ಎಚ್ಚರಿಸಿದರು. ಇದೇ ಸಂದರ್ಭದಲ್ಲಿ ಇ-ಖಾತೆಗೆ ಅರ್ಜಿ ಸಲ್ಲಿಸಲು ಬಂದಿದ್ದ ಸಾರ್ವಜನಿಕರಲ್ಲಿ ಒಬ್ಬರು ಮಾತನಾಡಿ ಪಂಚಾಯ್ತಿಯಲ್ಲಿ ಈತನ ಹಾವಳಿ ಹೆಚ್ಚಾಗಿದೆ. ಪೌರಕಾರ್ಮಿಕರನ್ನು ಕಚೇರಿ ಕೆಲಸಕ್ಕೆ ಬಳಸಿಕೊಳ್ಳುವುದರಿಂದ ಪಟ್ಟಣದ ಸ್ವಚ್ಛತೆಗೆ ಧಕ್ಕೆಯಾಗುತ್ತಿದೆ ಎಂದರು.

ಈತ ಪಕ್ಕೆ ಸೀರು ಬಳ್ಳಿ ಎಂದರೆ ಪ್ರತಿಯೊಂದು ಬೀದಿಯ ಪಡ ಬಳಿಸಿ ಮಾತನಾಡುತ್ತಾರೆ ಆಗ ನಮ್ಮ ಬಿಡುವಿನ ಗೃಹಿಣಿಯರೆಲ್ಲರೂ ತಮ್ಮ ಬಿಡ್ಡಾಗಿ ಜಗಳಕ್ಕೆ ಹೋದ ಎಂದರು. ಮನೆಯ ಬಾಗಿಲಿನ ಮುಂದೆ ನಿಂತು ಬಳಸಿ ಬಾಯಿ ಮಾಡಿ ಕೂಗಾಡುತ್ತಾನೆ ಎಂದು ದೂರಿದರು. ಈತನನ್ನು ಫಾಗಿಂಗ್ ಮಾಡಲು ಕಳುಹಿಸಿದಾಗ ರಾಸಾಯನಿಕ ಪಕ್ಕಕ್ಕೆ ಹಾಕಿ ಹೋಗುತ್ತಾನೆ. ಫಾಗಿಂಗ್ ಮಾಡಿ ಆತನ ಮೇಲೆ ಗಂಭೀರ ಆರೋಪವಿದ್ದು ಅಧಿಕಾರಿಗಳು ಇತ್ತ ಗಮನಹರಿಸಿ ಸೂಕ್ತ ಕ್ರಮ ಕೈಗೊಳ್ಳಬೇಕು. ಇಲ್ಲದಿದ್ದಲ್ಲಿ ಪಂಚಾಯ್ತಿ ಮುಂದೆ ಧರಣಿ ಕುಳಿತುಕೊಳ್ಳಲು ಜನರು ನಿರ್ಧರಿಸಿದ್ದಾರೆ. ಅಧಿಕಾರಿಗಳು ಈ ಬಗ್ಗೆ ಗಮನಹರಿಸಿ ಜನರ ಭಯವನ್ನು ದೂರಮಾಡಲಿ ಎಂದು ಮನವಿ ಮಾಡಿದ್ದಾರೆ.
